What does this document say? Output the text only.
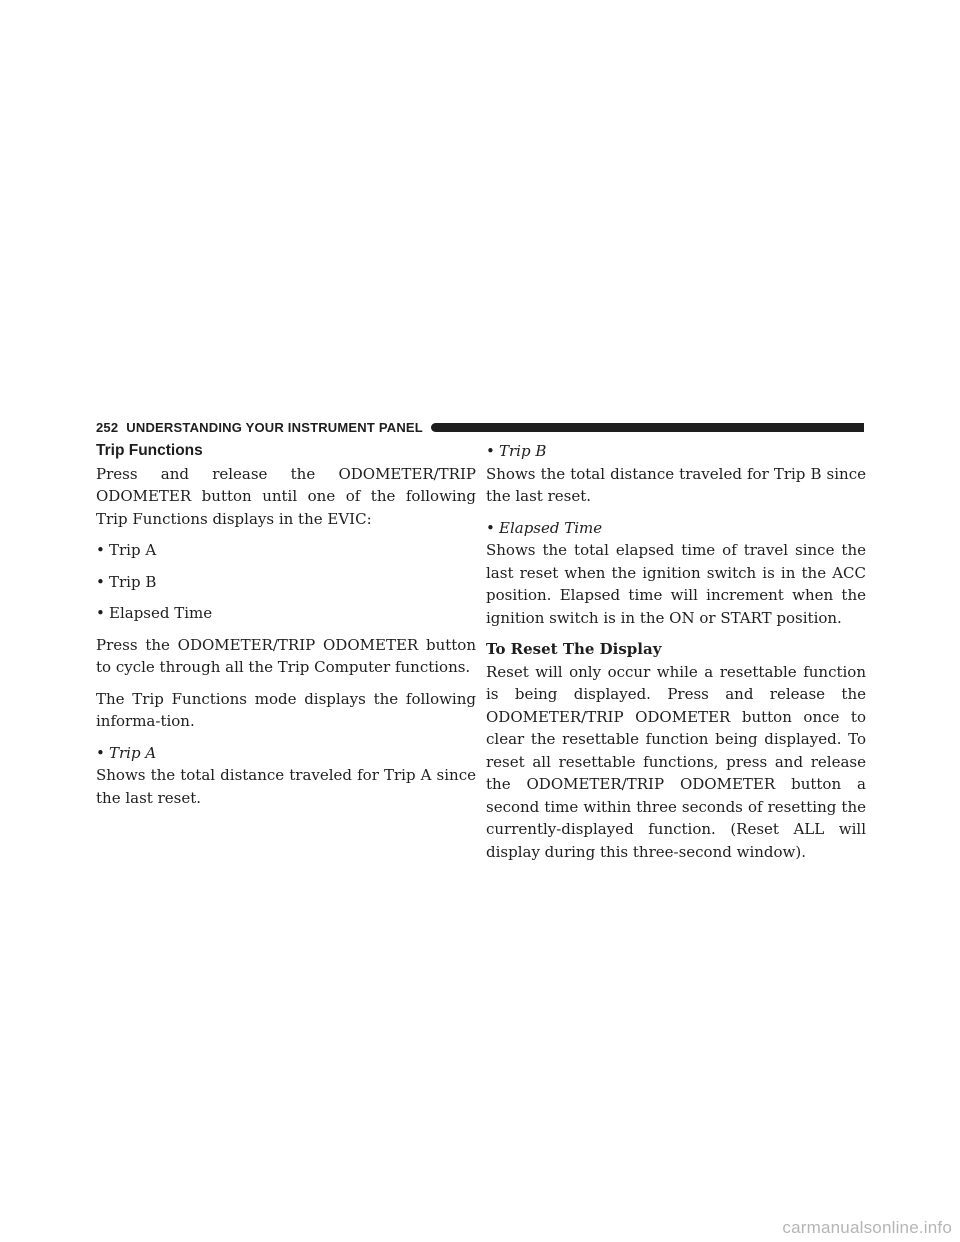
252 UNDERSTANDING YOUR INSTRUMENT PANEL
Trip Functions

Press and release the ODOMETER/TRIP ODOMETER button until one of the following Trip Functions displays in the EVIC:

• Trip A

• Trip B

• Elapsed Time

Press the ODOMETER/TRIP ODOMETER button to cycle through all the Trip Computer functions.

The Trip Functions mode displays the following informa-tion.

• Trip A

Shows the total distance traveled for Trip A since the last reset.

• Trip B

Shows the total distance traveled for Trip B since the last reset.

• Elapsed Time

Shows the total elapsed time of travel since the last reset when the ignition switch is in the ACC position. Elapsed time will increment when the ignition switch is in the ON or START position.

To Reset The Display

Reset will only occur while a resettable function is being displayed. Press and release the ODOMETER/TRIP ODOMETER button once to clear the resettable function being displayed. To reset all resettable functions, press and release the ODOMETER/TRIP ODOMETER button a second time within three seconds of resetting the currently-displayed function. (Reset ALL will display during this three-second window).

carmanualsonline.info
